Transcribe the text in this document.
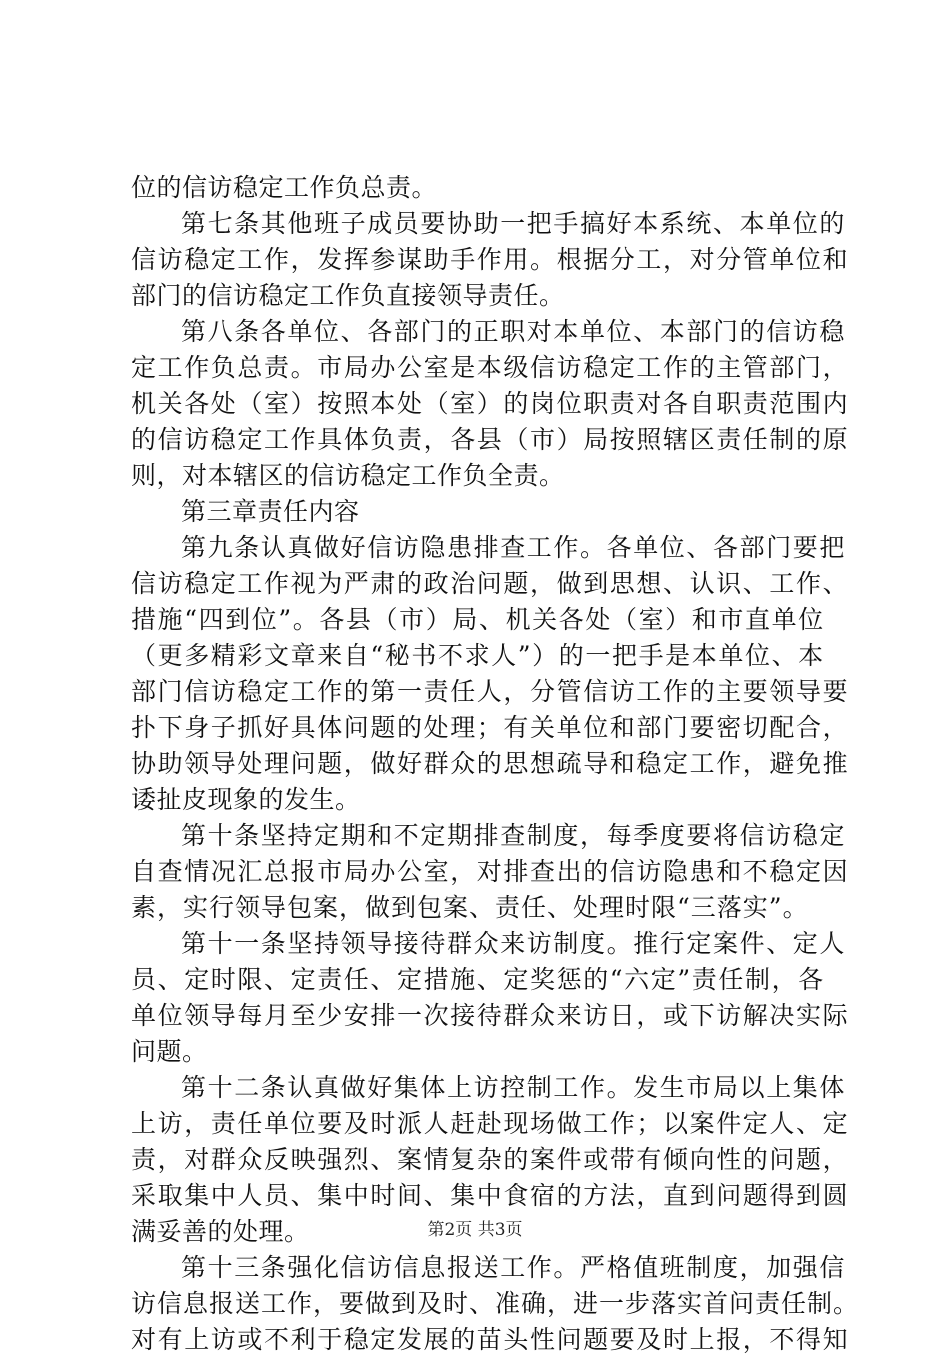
位的信访稳定工作负总责。
第七条其他班子成员要协助一把手搞好本系统、本单位的
信访稳定工作，发挥参谋助手作用。根据分工，对分管单位和
部门的信访稳定工作负直接领导责任。
第八条各单位、各部门的正职对本单位、本部门的信访稳
定工作负总责。市局办公室是本级信访稳定工作的主管部门，
机关各处（室）按照本处（室）的岗位职责对各自职责范围内
的信访稳定工作具体负责，各县（市）局按照辖区责任制的原
则，对本辖区的信访稳定工作负全责。
第三章责任内容
第九条认真做好信访隐患排查工作。各单位、各部门要把
信访稳定工作视为严肃的政治问题，做到思想、认识、工作、
措施“四到位”。各县（市）局、机关各处（室）和市直单位
（更多精彩文章来自“秘书不求人”）的一把手是本单位、本
部门信访稳定工作的第一责任人，分管信访工作的主要领导要
扑下身子抓好具体问题的处理；有关单位和部门要密切配合，
协助领导处理问题，做好群众的思想疏导和稳定工作，避免推
诿扯皮现象的发生。
第十条坚持定期和不定期排查制度，每季度要将信访稳定
自查情况汇总报市局办公室，对排查出的信访隐患和不稳定因
素，实行领导包案，做到包案、责任、处理时限“三落实”。
第十一条坚持领导接待群众来访制度。推行定案件、定人
员、定时限、定责任、定措施、定奖惩的“六定”责任制，各
单位领导每月至少安排一次接待群众来访日，或下访解决实际
问题。
第十二条认真做好集体上访控制工作。发生市局以上集体
上访，责任单位要及时派人赶赴现场做工作；以案件定人、定
责，对群众反映强烈、案情复杂的案件或带有倾向性的问题，
采取集中人员、集中时间、集中食宿的方法，直到问题得到圆
满妥善的处理。
第十三条强化信访信息报送工作。严格值班制度，加强信
访信息报送工作，要做到及时、准确，进一步落实首问责任制。
对有上访或不利于稳定发展的苗头性问题要及时上报，不得知
第2页 共3页
